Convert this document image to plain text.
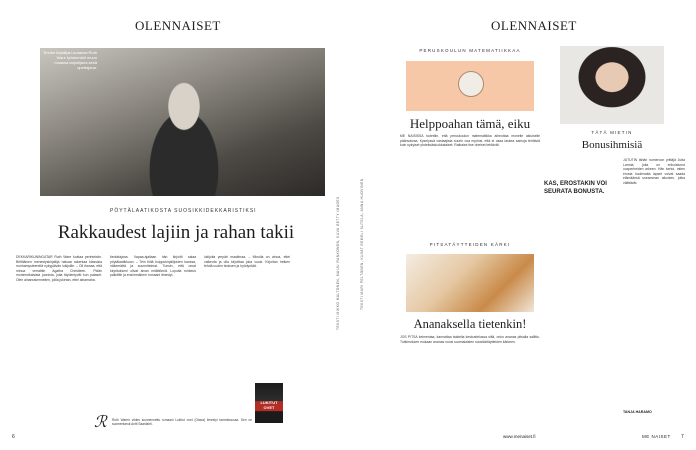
OLENNAISET
Ennen kirjailijan-uraansa Ruth Ware työskenteli muun muassa tarjoilijana sekä opettajana.
PÖYTÄLAATIKOSTA SUOSIKKIDEKKARISTIKSI
Rakkaudest lajiin ja rahan takii
DEKKARIKUNINGATAR Ruth Ware luottaa perinteisiin. Brittiläinen menestyskirjailija haluaa rakentaa klassisia murhamysteereitä nykypäivän lukijoille. – Oli ihanaa, että minua verrattiin Agatha Christieen. Pidän monimutkaisista juonista, joita täydentyvät kun palaset. Olen ainanrakennellen, joilla juketan, ettei ainamaha.
tiedottajana. Vapaa-ajallaan hän kirjoitti salaa pöytälaatikkoon. – Tein töitä huippukirjailijoiden kanssa, näkemättä ja suunnitelmat. Tunsin, että omat kirjoitukseni olivat aivan mitättömiä. Lopulta rohkeus palkittiin ja ensimmäinen romaani ilmestyi.
lukijoita ympäri maailmaa. – Minulla on ainoa, ettei vaikeuta ja olla kirjoittaa joka vuosi. Kirjoitan hetken tehdä uuden teoksen ja hyödyntää.
ℛ	Ruth Waren viides suomennettu romaani Lukitut ovet (Otava) ilmestyi tammikuussa. Sen on suomentanut Antti Saarilahti.
LUKITUT OVET
TEKSTI MIKKO MALTONEN, MAIJU RANKONEN, KUVA GETTY IMAGES
6
OLENNAISET
TEKSTI MARI PELTONEN, KUVAT EEMELI SUTELA, ANNA HUOVINEN
PERUSKOULUN MATEMATIIKKAA
Helppoahan tämä, eiku
ME NAISISSA todettiin, että peruskoulun matematiikka aiheuttaa monelle aikuiselle päänvaivaa. Kyselyssä vastaajista suurin osa myönsi, että ei osaa laskea samoja tehtäviä kuin nykyiset yhdeksäsluokkalaiset. Ratkaise itse oheiset tehtävät.
PITSATÄYTTEIDEN KÄRKI
Ananaksella tietenkin!
JOS PITSA kelmentaa, kannattaa taistella keskustelussa siitä, onko ananas pitsalla sallittu. Tutkimuksen mukaan ananas nousi suomalaisten suosikkitäytteiden kärkeen.
TÄTÄ MIETIN
Bonusihmisiä
KAS, EROSTAKIN VOI SEURATA BONUSTA.
JUTUTIN tähän numeroon yrittäjä Jutta Larmia, joka on erikoistunut uusperheiden arkeen. Hän kertoi, miten erosta huolimatta lapset voivat saada elämäänsä useamman aikuisen, jotka välittävät.
TANJA HARAMO
www.menaiset.fi	ME NAISET 7
